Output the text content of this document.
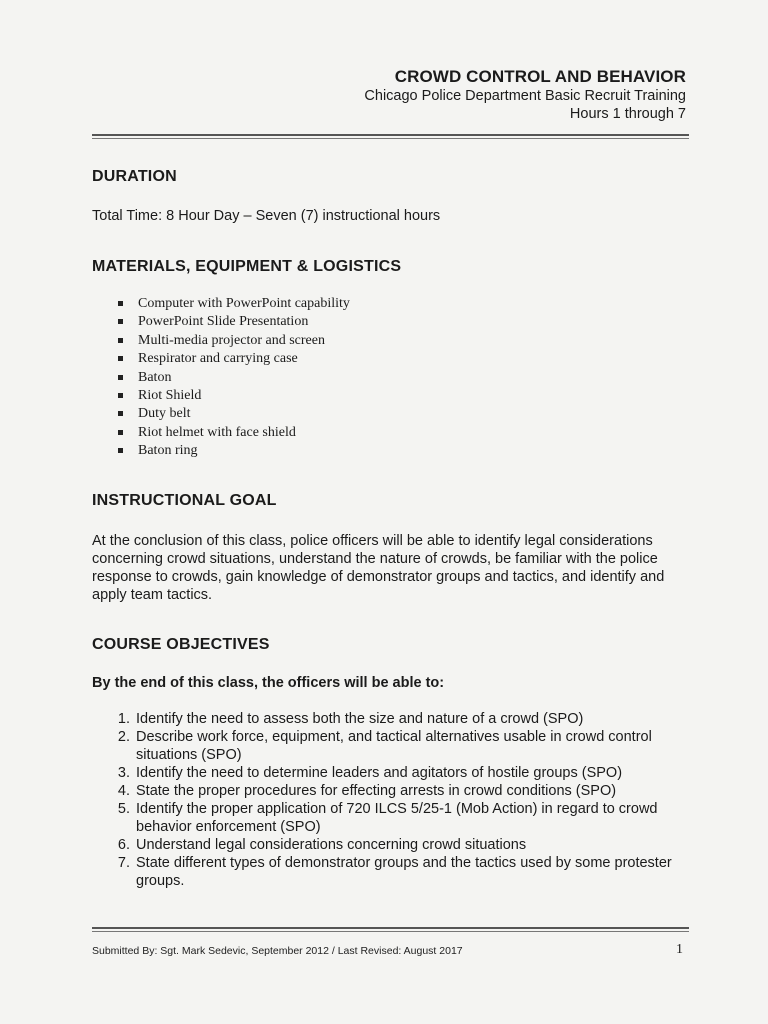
CROWD CONTROL AND BEHAVIOR
Chicago Police Department Basic Recruit Training
Hours 1 through 7
DURATION
Total Time: 8 Hour Day – Seven (7) instructional hours
MATERIALS, EQUIPMENT & LOGISTICS
Computer with PowerPoint capability
PowerPoint Slide Presentation
Multi-media projector and screen
Respirator and carrying case
Baton
Riot Shield
Duty belt
Riot helmet with face shield
Baton ring
INSTRUCTIONAL GOAL
At the conclusion of this class, police officers will be able to identify legal considerations concerning crowd situations, understand the nature of crowds, be familiar with the police response to crowds, gain knowledge of demonstrator groups and tactics, and identify and apply team tactics.
COURSE OBJECTIVES
By the end of this class, the officers will be able to:
1. Identify the need to assess both the size and nature of a crowd (SPO)
2. Describe work force, equipment, and tactical alternatives usable in crowd control situations (SPO)
3. Identify the need to determine leaders and agitators of hostile groups (SPO)
4. State the proper procedures for effecting arrests in crowd conditions (SPO)
5. Identify the proper application of 720 ILCS 5/25-1 (Mob Action) in regard to crowd behavior enforcement (SPO)
6. Understand legal considerations concerning crowd situations
7. State different types of demonstrator groups and the tactics used by some protester groups.
Submitted By: Sgt. Mark Sedevic, September 2012 / Last Revised: August 2017	1
